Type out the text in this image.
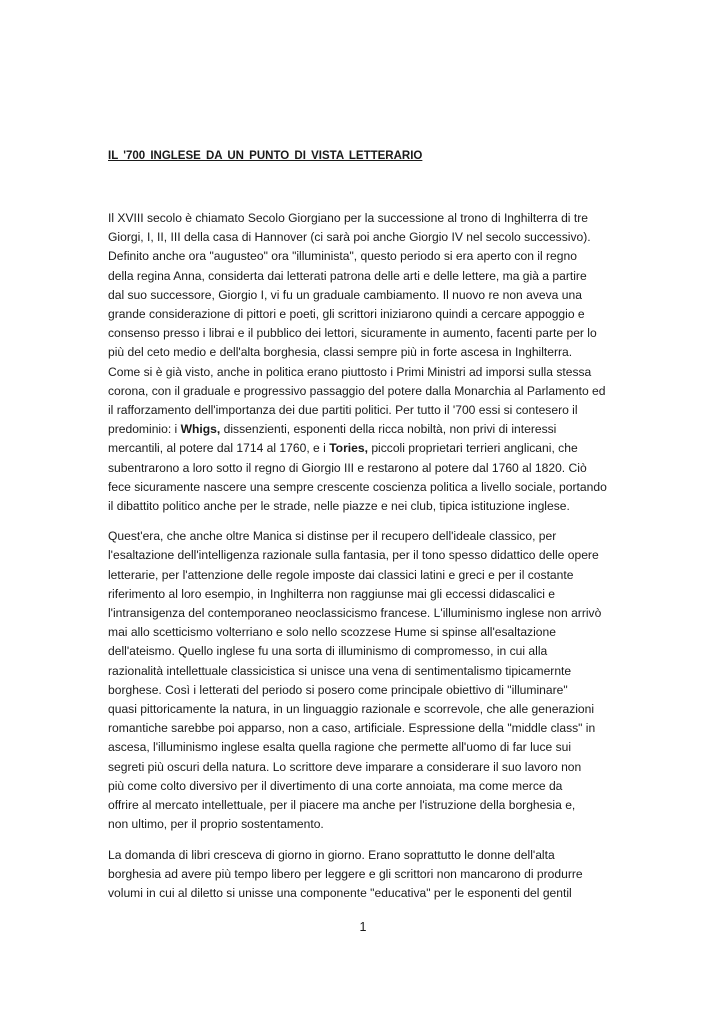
IL '700 INGLESE DA UN PUNTO DI VISTA LETTERARIO

Il XVIII secolo è chiamato Secolo Giorgiano per la successione al trono di Inghilterra di tre
Giorgi, I, II, III della casa di Hannover (ci sarà poi anche Giorgio IV nel secolo successivo).
Definito anche ora "augusteo" ora "illuminista", questo periodo si era aperto con il regno
della regina Anna, considerta dai letterati patrona delle arti e delle lettere, ma già a partire
dal suo successore, Giorgio I, vi fu un graduale cambiamento. Il nuovo re non aveva una
grande considerazione di pittori e poeti, gli scrittori iniziarono quindi a cercare appoggio e
consenso presso i librai e il pubblico dei lettori, sicuramente in aumento, facenti parte per lo
più del ceto medio e dell'alta borghesia, classi sempre più in forte ascesa in Inghilterra.
Come si è già visto, anche in politica erano piuttosto i Primi Ministri ad imporsi sulla stessa
corona, con il graduale e progressivo passaggio del potere dalla Monarchia al Parlamento ed
il rafforzamento dell'importanza dei due partiti politici. Per tutto il '700 essi si contesero il
predominio: i Whigs, dissenzienti, esponenti della ricca nobiltà, non privi di interessi
mercantili, al potere dal 1714 al 1760, e i Tories, piccoli proprietari terrieri anglicani, che
subentrarono a loro sotto il regno di Giorgio III e restarono al potere dal 1760 al 1820. Ciò
fece sicuramente nascere una sempre crescente coscienza politica a livello sociale, portando
il dibattito politico anche per le strade, nelle piazze e nei club, tipica istituzione inglese.

Quest'era, che anche oltre Manica si distinse per il recupero dell'ideale classico, per
l'esaltazione dell'intelligenza razionale sulla fantasia, per il tono spesso didattico delle opere
letterarie, per l'attenzione delle regole imposte dai classici latini e greci e per il costante
riferimento al loro esempio, in Inghilterra non raggiunse mai gli eccessi didascalici e
l'intransigenza del contemporaneo neoclassicismo francese. L'illuminismo inglese non arrivò
mai allo scetticismo volterriano e solo nello scozzese Hume si spinse all'esaltazione
dell'ateismo. Quello inglese fu una sorta di illuminismo di compromesso, in cui alla
razionalità intellettuale classicistica si unisce una vena di sentimentalismo tipicamernte
borghese. Così i letterati del periodo si posero come principale obiettivo di "illuminare"
quasi pittoricamente la natura, in un linguaggio razionale e scorrevole, che alle generazioni
romantiche sarebbe poi apparso, non a caso, artificiale. Espressione della "middle class" in
ascesa, l'illuminismo inglese esalta quella ragione che permette all'uomo di far luce sui
segreti più oscuri della natura. Lo scrittore deve imparare a considerare il suo lavoro non
più come colto diversivo per il divertimento di una corte annoiata, ma come merce da
offrire al mercato intellettuale, per il piacere ma anche per l'istruzione della borghesia e,
non ultimo, per il proprio sostentamento.

La domanda di libri cresceva di giorno in giorno. Erano soprattutto le donne dell'alta
borghesia ad avere più tempo libero per leggere e gli scrittori non mancarono di produrre
volumi in cui al diletto si unisse una componente "educativa" per le esponenti del gentil

1
